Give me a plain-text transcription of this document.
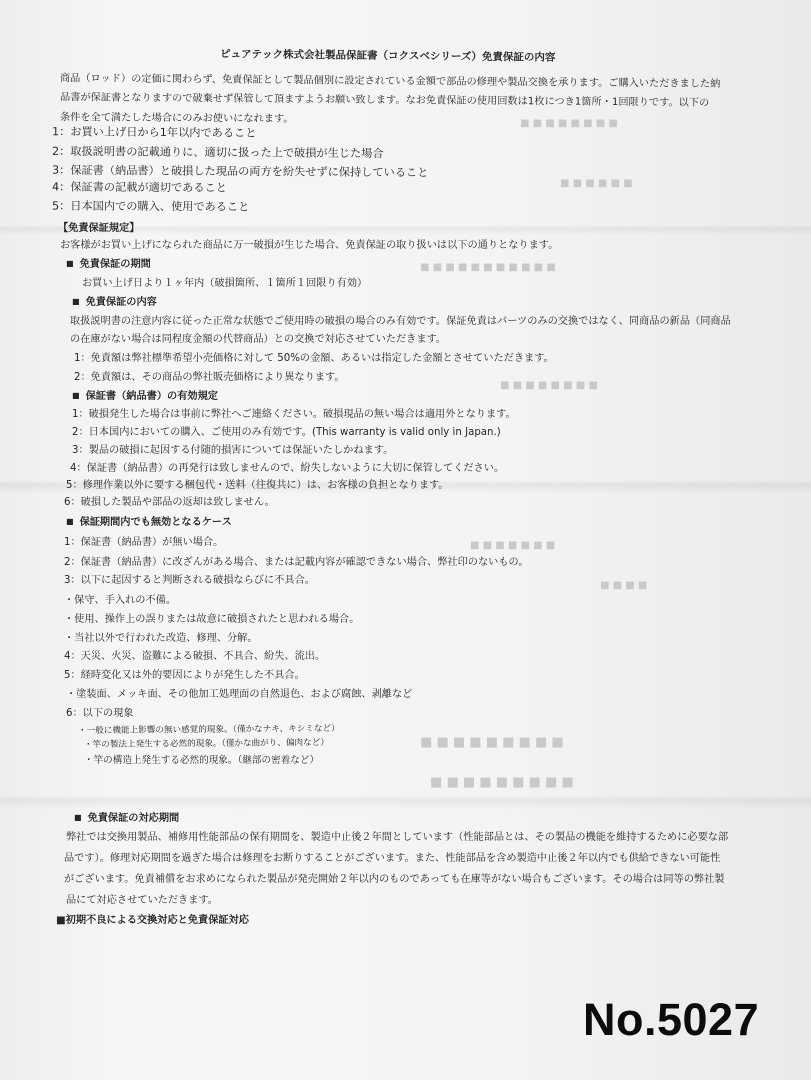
■ ■ ■ ■ ■ ■ ■ ■
■ ■ ■ ■ ■ ■
■ ■ ■ ■ ■ ■ ■ ■ ■ ■ ■
■ ■ ■ ■ ■ ■ ■ ■
■ ■ ■ ■ ■ ■ ■
■ ■ ■ ■
■ ■ ■ ■ ■ ■ ■ ■ ■
■ ■ ■ ■ ■ ■ ■ ■ ■
ピュアテック株式会社製品保証書（コクスベシリーズ）免責保証の内容
商品（ロッド）の定価に関わらず、免責保証として製品個別に設定されている金額で部品の修理や製品交換を承ります。ご購入いただきました納
品書が保証書となりますので破棄せず保管して頂ますようお願い致します。なお免責保証の使用回数は1枚につき1箇所・1回限りです。以下の
条件を全て満たした場合にのみお使いになれます。
1：お買い上げ日から1年以内であること
2：取扱説明書の記載通りに、適切に扱った上で破損が生じた場合
3：保証書（納品書）と破損した現品の両方を紛失せずに保持していること
4：保証書の記載が適切であること
5：日本国内での購入、使用であること
【免責保証規定】
お客様がお買い上げになられた商品に万一破損が生じた場合、免責保証の取り扱いは以下の通りとなります。
■ 免責保証の期間
お買い上げ日より１ヶ年内（破損箇所、１箇所１回限り有効）
■ 免責保証の内容
取扱説明書の注意内容に従った正常な状態でご使用時の破損の場合のみ有効です。保証免責はパーツのみの交換ではなく、同商品の新品（同商品
の在庫がない場合は同程度金額の代替商品）との交換で対応させていただきます。
1：免責額は弊社標準希望小売価格に対して 50%の金額、あるいは指定した金額とさせていただきます。
2：免責額は、その商品の弊社販売価格により異なります。
■ 保証書（納品書）の有効規定
1：破損発生した場合は事前に弊社へご連絡ください。破損現品の無い場合は適用外となります。
2：日本国内においての購入、ご使用のみ有効です。(This warranty is valid only in Japan.)
3：製品の破損に起因する付随的損害については保証いたしかねます。
4：保証書（納品書）の再発行は致しませんので、紛失しないように大切に保管してください。
5：修理作業以外に要する梱包代・送料（往復共に）は、お客様の負担となります。
6：破損した製品や部品の返却は致しません。
■ 保証期間内でも無効となるケース
1：保証書（納品書）が無い場合。
2：保証書（納品書）に改ざんがある場合、または記載内容が確認できない場合、弊社印のないもの。
3：以下に起因すると判断される破損ならびに不具合。
・保守、手入れの不備。
・使用、操作上の誤りまたは故意に破損されたと思われる場合。
・当社以外で行われた改造、修理、分解。
4：天災、火災、盗難による破損、不具合、紛失、流出。
5：経時変化又は外的要因によりが発生した不具合。
・塗装面、メッキ面、その他加工処理面の自然退色、および腐蝕、剥離など
6：以下の現象
・一般に機能上影響の無い感覚的現象。（僅かなナキ、キシミなど）
・竿の製法上発生する必然的現象。（僅かな曲がり、偏肉など）
・竿の構造上発生する必然的現象。（継部の密着など）
■ 免責保証の対応期間
弊社では交換用製品、補修用性能部品の保有期間を、製造中止後２年間としています（性能部品とは、その製品の機能を維持するために必要な部
品です）。修理対応期間を過ぎた場合は修理をお断りすることがございます。また、性能部品を含め製造中止後２年以内でも供給できない可能性
がございます。免責補償をお求めになられた製品が発売開始２年以内のものであっても在庫等がない場合もございます。その場合は同等の弊社製
品にて対応させていただきます。
■初期不良による交換対応と免責保証対応
No.5027
